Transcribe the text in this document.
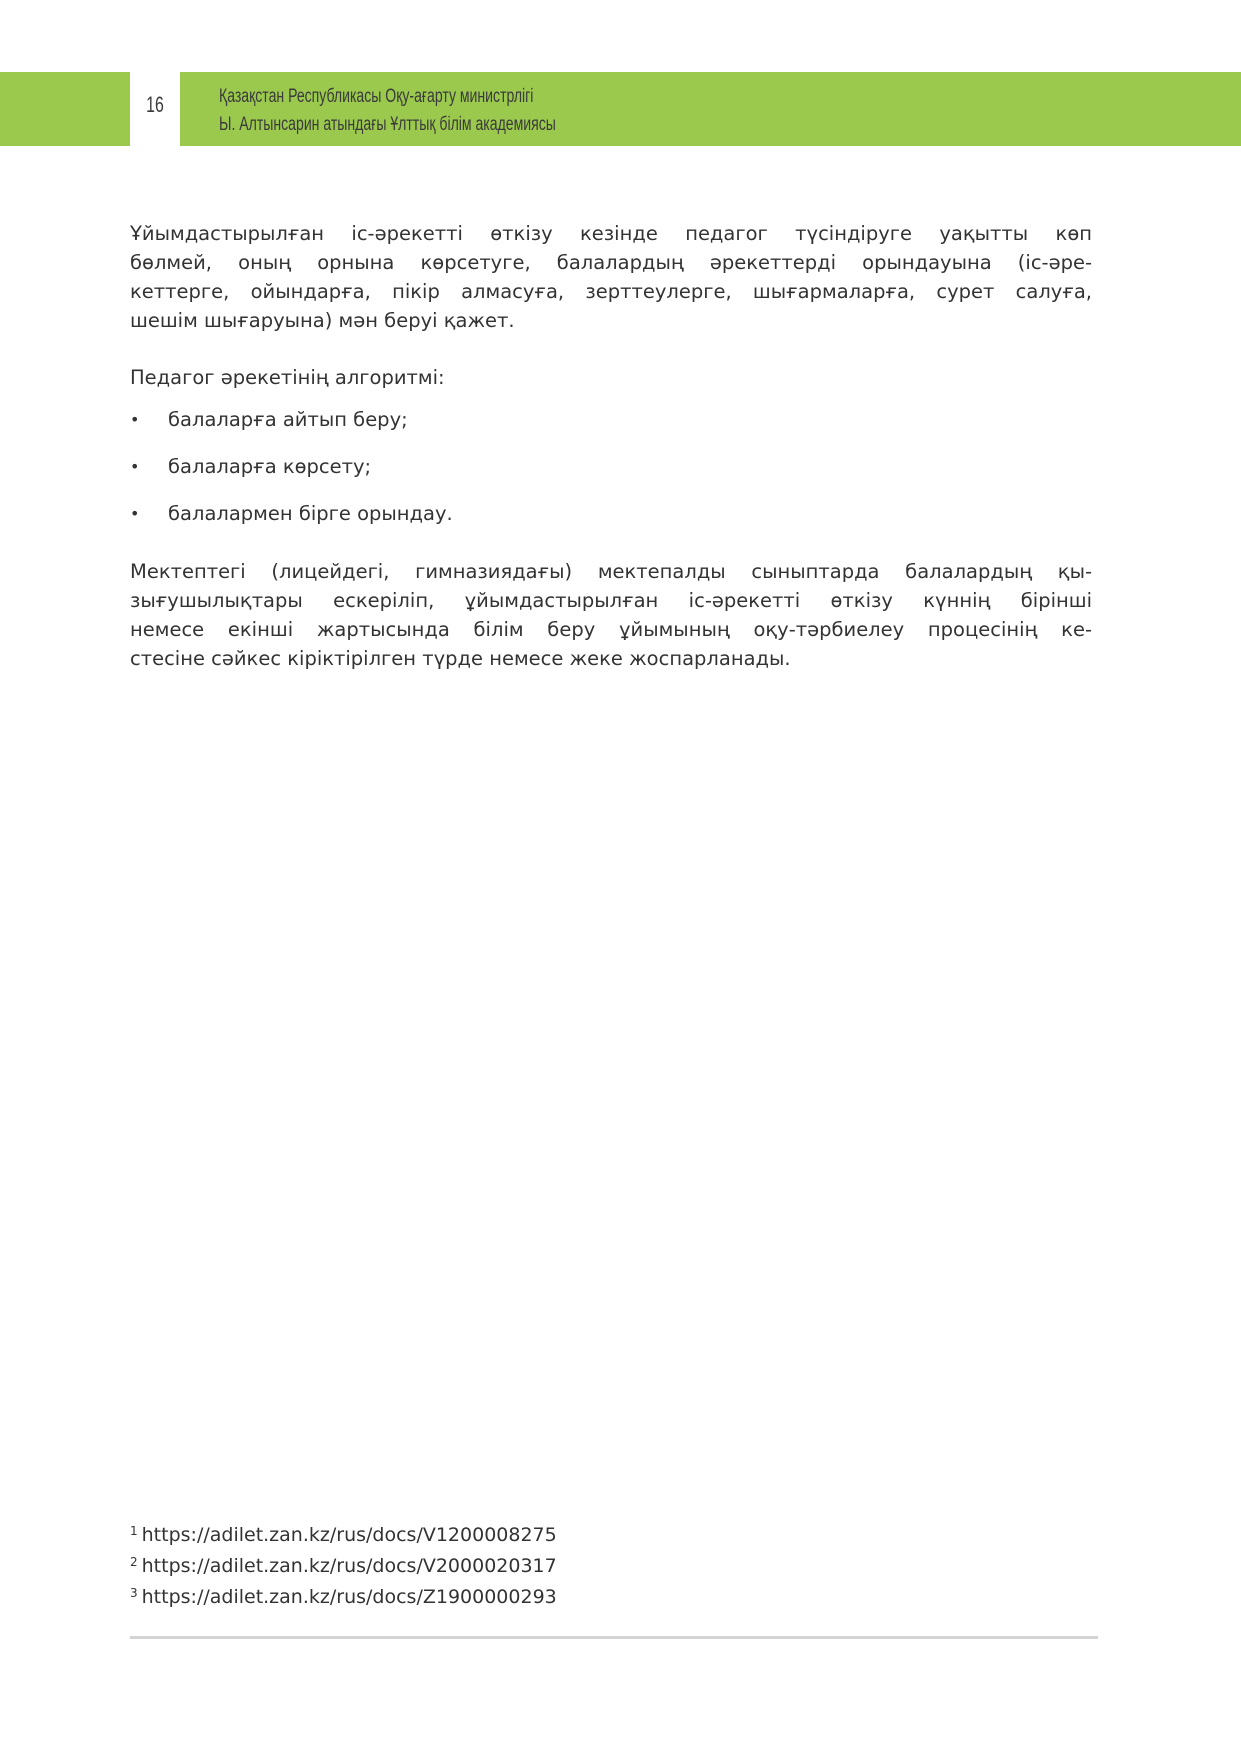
16	Қазақстан Республикасы Оқу-ағарту министрлігі
Ы. Алтынсарин атындағы Ұлттық білім академиясы
Ұйымдастырылған іс-әрекетті өткізу кезінде педагог түсіндіруге уақытты көп
бөлмей, оның орнына көрсетуге, балалардың әрекеттерді орындауына (іс-əре-
кеттерге, ойындарға, пікір алмасуға, зерттеулерге, шығармаларға, сурет салуға,
шешім шығаруына) мəн беруі қажет.
Педагог əрекетінің алгоритмі:
• балаларға айтып беру;
• балаларға көрсету;
• балалармен бірге орындау.
Мектептегі (лицейдегі, гимназиядағы) мектепалды сыныптарда балалардың қы-
зығушылықтары ескеріліп, ұйымдастырылған іс-əрекетті өткізу күннің бірінші
немесе екінші жартысында білім беру ұйымының оқу-тəрбиелеу процесінің ке-
стесіне сəйкес кіріктірілген түрде немесе жеке жоспарланады.
$^1$ https://adilet.zan.kz/rus/docs/V1200008275
$^2$ https://adilet.zan.kz/rus/docs/V2000020317
$^3$ https://adilet.zan.kz/rus/docs/Z1900000293
